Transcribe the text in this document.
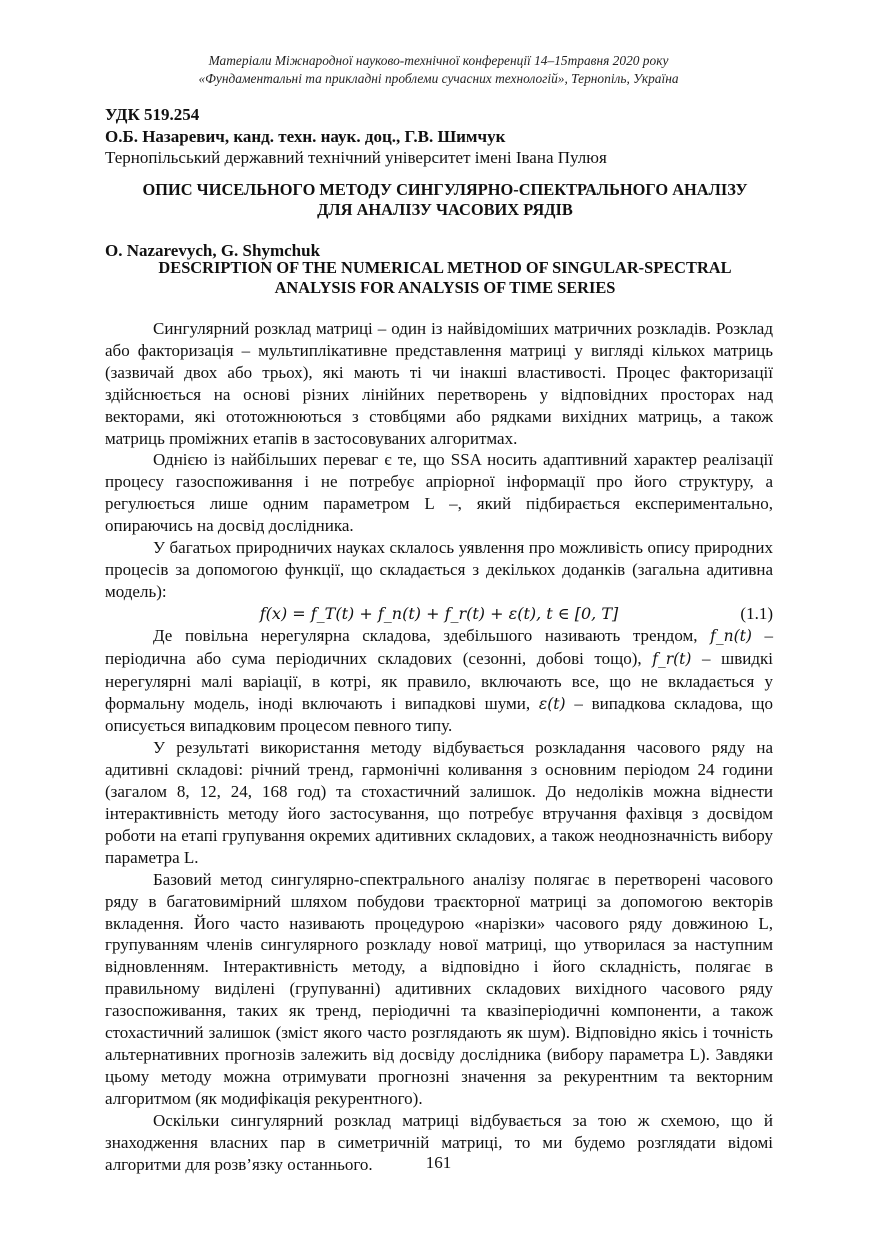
Матеріали Міжнародної науково-технічної конференції 14–15травня 2020 року
«Фундаментальні та прикладні проблеми сучасних технологій», Тернопіль, Україна
УДК 519.254
О.Б. Назаревич, канд. техн. наук. доц., Г.В. Шимчук
Тернопільський державний технічний університет імені Івана Пулюя
ОПИС ЧИСЕЛЬНОГО МЕТОДУ СИНГУЛЯРНО-СПЕКТРАЛЬНОГО АНАЛІЗУ
ДЛЯ АНАЛІЗУ ЧАСОВИХ РЯДІВ
O. Nazarevych, G. Shymchuk
DESCRIPTION OF THE NUMERICAL METHOD OF SINGULAR-SPECTRAL
ANALYSIS FOR ANALYSIS OF TIME SERIES

Сингулярний розклад матриці – один із найвідоміших матричних розкладів. Розклад або факторизація – мультиплікативне представлення матриці у вигляді кількох матриць (зазвичай двох або трьох), які мають ті чи інакші властивості. Процес факторизації здійснюється на основі різних лінійних перетворень у відповідних просторах над векторами, які ототожнюються з стовбцями або рядками вихідних матриць, а також матриць проміжних етапів в застосовуваних алгоритмах.

Однією із найбільших переваг є те, що SSA носить адаптивний характер реалізації процесу газоспоживання і не потребує апріорної інформації про його структуру, а регулюється лише одним параметром L –, який підбирається експериментально, опираючись на досвід дослідника.

У багатьох природничих науках склалось уявлення про можливість опису природних процесів за допомогою функції, що складається з декількох доданків (загальна адитивна модель):

f(x) = f_T(t) + f_n(t) + f_r(t) + ε(t), t ∈ [0, T]	(1.1)

Де повільна нерегулярна складова, здебільшого називають трендом, f_n(t) – періодична або сума періодичних складових (сезонні, добові тощо), f_r(t) – швидкі нерегулярні малі варіації, в котрі, як правило, включають все, що не вкладається у формальну модель, іноді включають і випадкові шуми, ε(t) – випадкова складова, що описується випадковим процесом певного типу.

У результаті використання методу відбувається розкладання часового ряду на адитивні складові: річний тренд, гармонічні коливання з основним періодом 24 години (загалом 8, 12, 24, 168 год) та стохастичний залишок. До недоліків можна віднести інтерактивність методу його застосування, що потребує втручання фахівця з досвідом роботи на етапі групування окремих адитивних складових, а також неоднозначність вибору параметра L.

Базовий метод сингулярно-спектрального аналізу полягає в перетворені часового ряду в багатовимірний шляхом побудови траєкторної матриці за допомогою векторів вкладення. Його часто називають процедурою «нарізки» часового ряду довжиною L, групуванням членів сингулярного розкладу нової матриці, що утворилася за наступним відновленням. Інтерактивність методу, а відповідно і його складність, полягає в правильному виділені (групуванні) адитивних складових вихідного часового ряду газоспоживання, таких як тренд, періодичні та квазіперіодичні компоненти, а також стохастичний залишок (зміст якого часто розглядають як шум). Відповідно якісь і точність альтернативних прогнозів залежить від досвіду дослідника (вибору параметра L). Завдяки цьому методу можна отримувати прогнозні значення за рекурентним та векторним алгоритмом (як модифікація рекурентного).

Оскільки сингулярний розклад матриці відбувається за тою ж схемою, що й знаходження власних пар в симетричній матриці, то ми будемо розглядати відомі алгоритми для розв’язку останнього.	161
